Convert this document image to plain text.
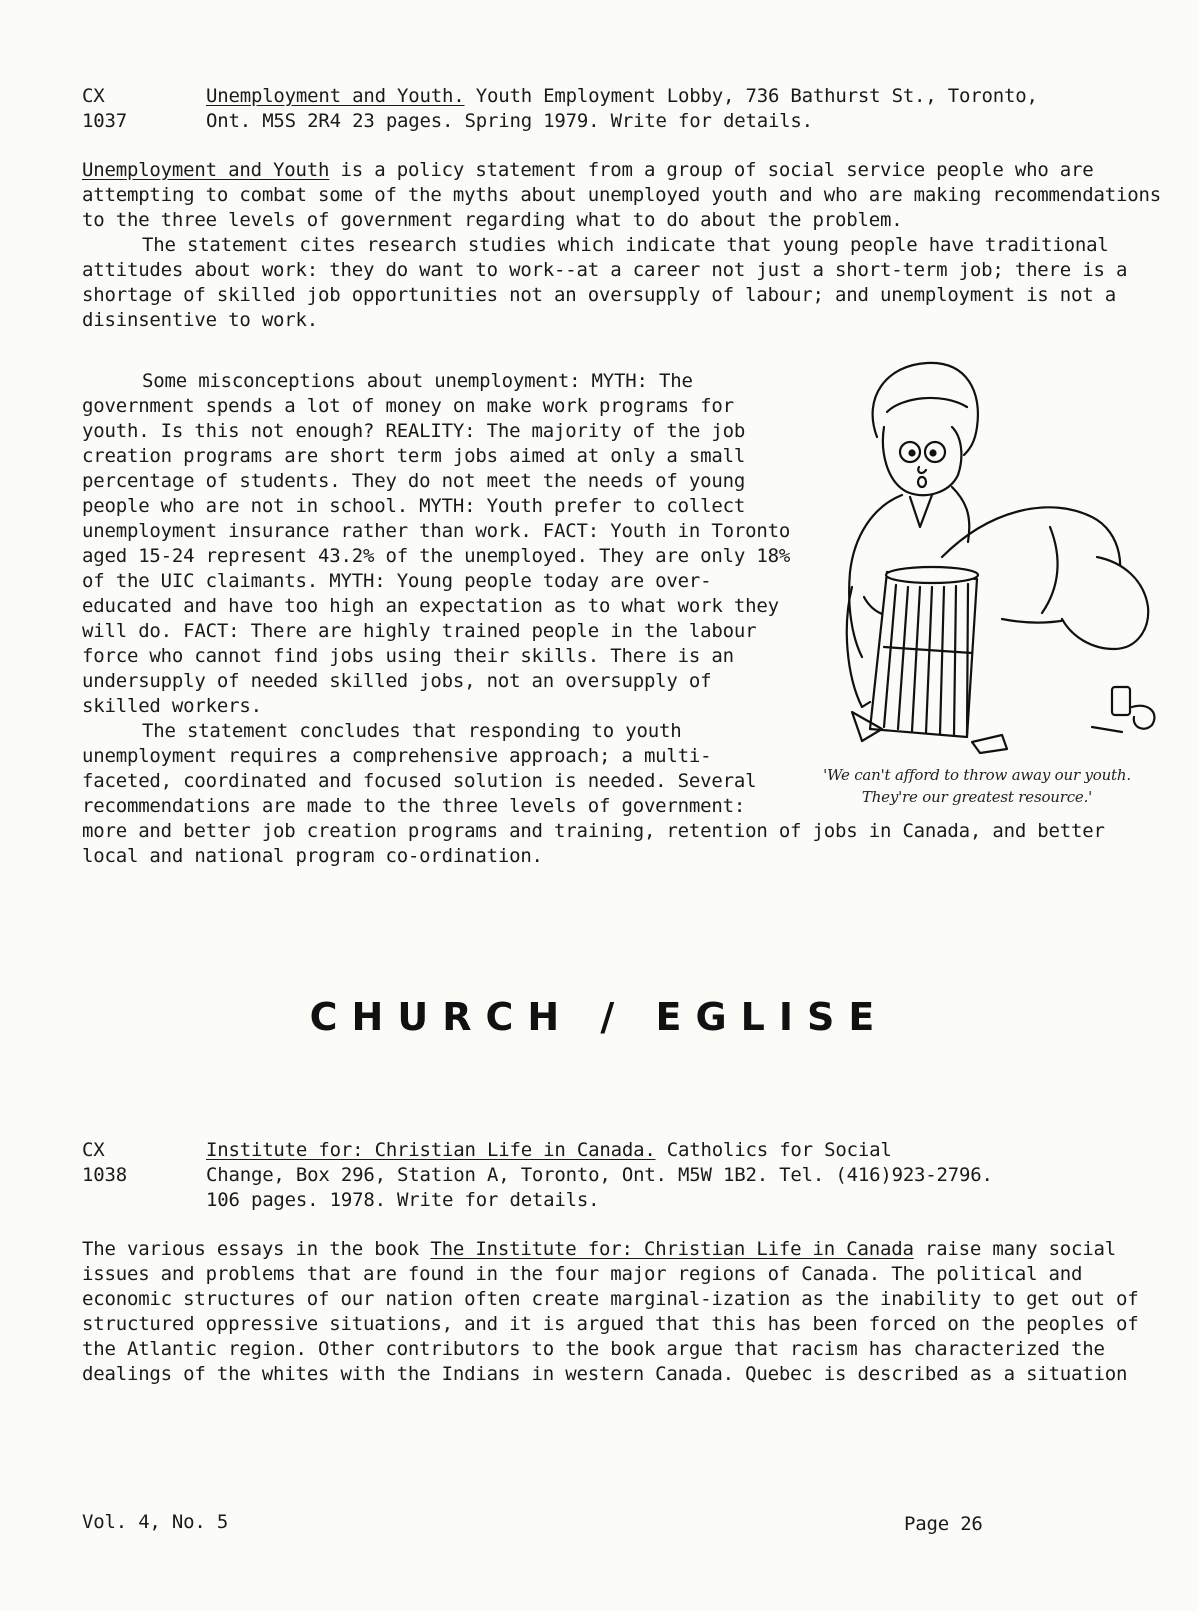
CX
1037
Unemployment and Youth. Youth Employment Lobby, 736 Bathurst St., Toronto,
Ont. M5S 2R4 23 pages. Spring 1979. Write for details.

Unemployment and Youth is a policy statement from a group of social service people who are attempting to combat some of the myths about unemployed youth and who are making recommendations to the three levels of government regarding what to do about the problem.

The statement cites research studies which indicate that young people have traditional attitudes about work: they do want to work--at a career not just a short-term job; there is a shortage of skilled job opportunities not an oversupply of labour; and unemployment is not a disinsentive to work.

'We can't afford to throw away our youth.
They're our greatest resource.'

Some misconceptions about unemployment: MYTH: The government spends a lot of money on make work programs for youth. Is this not enough? REALITY: The majority of the job creation programs are short term jobs aimed at only a small percentage of students. They do not meet the needs of young people who are not in school. MYTH: Youth prefer to collect unemployment insurance rather than work. FACT: Youth in Toronto aged 15-24 represent 43.2% of the unemployed. They are only 18% of the UIC claimants. MYTH: Young people today are over-educated and have too high an expectation as to what work they will do. FACT: There are highly trained people in the labour force who cannot find jobs using their skills. There is an undersupply of needed skilled jobs, not an oversupply of skilled workers.

The statement concludes that responding to youth unemployment requires a comprehensive approach; a multi-faceted, coordinated and focused solution is needed. Several recommendations are made to the three levels of government: more and better job creation programs and training, retention of jobs in Canada, and better local and national program co-ordination.

CHURCH / EGLISE
CX
1038
Institute for: Christian Life in Canada. Catholics for Social
Change, Box 296, Station A, Toronto, Ont. M5W 1B2. Tel. (416)923-2796.
106 pages. 1978. Write for details.

The various essays in the book The Institute for: Christian Life in Canada raise many social issues and problems that are found in the four major regions of Canada. The political and economic structures of our nation often create marginal-ization as the inability to get out of structured oppressive situations, and it is argued that this has been forced on the peoples of the Atlantic region. Other contributors to the book argue that racism has characterized the dealings of the whites with the Indians in western Canada. Quebec is described as a situation

Vol. 4, No. 5	Page 26
